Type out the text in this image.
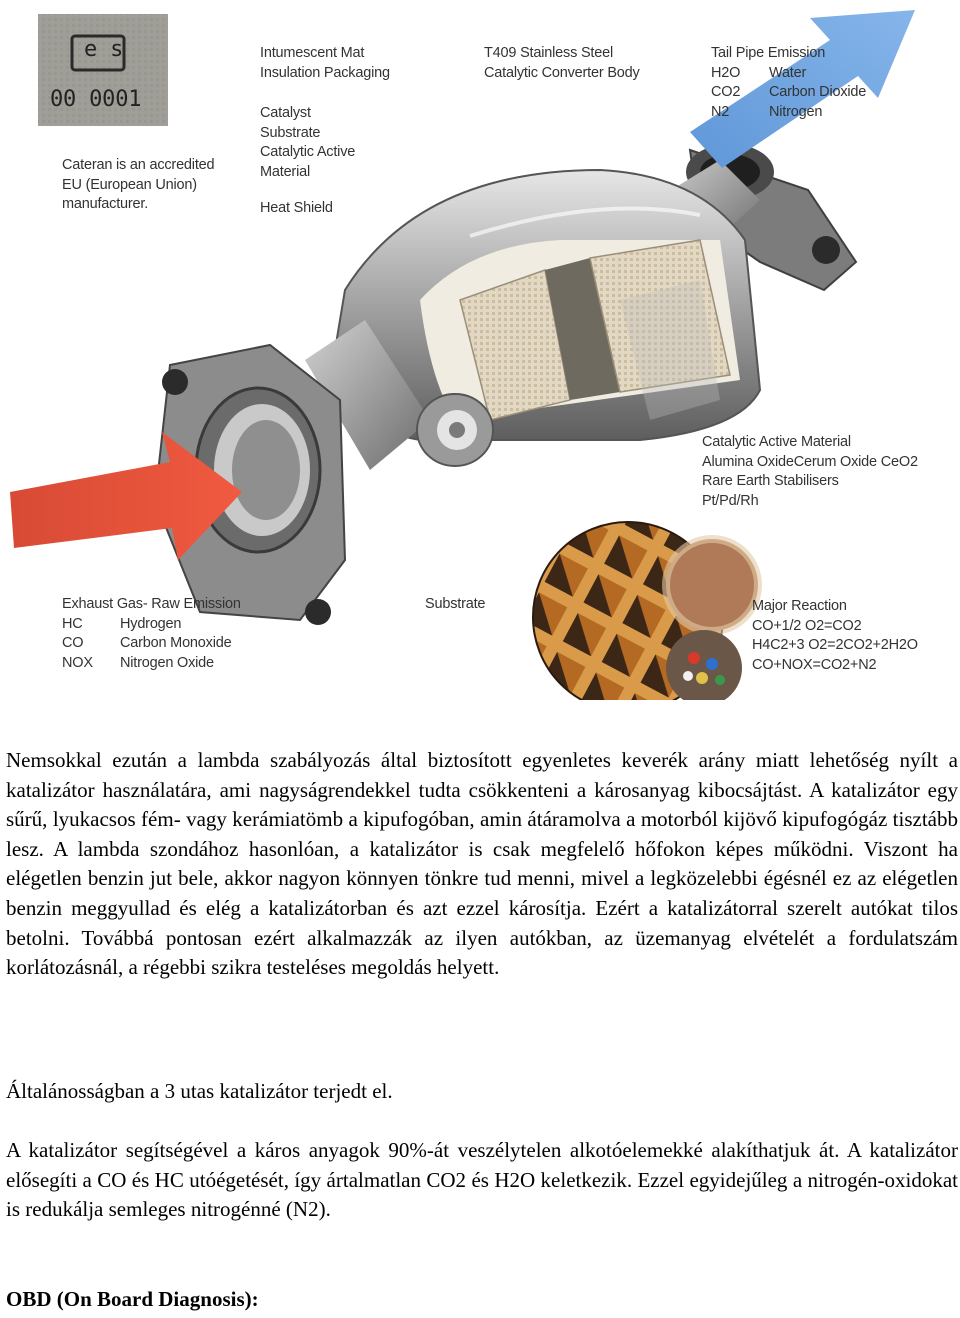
e s
00 0001
Cateran is an accredited
EU (European Union)
manufacturer.
Intumescent Mat
Insulation Packaging
Catalyst
Substrate
Catalytic Active
Material
Heat Shield
T409 Stainless Steel
Catalytic Converter Body
Tail Pipe Emission
H2O	Water
CO2	Carbon Dioxide
N2	Nitrogen
Catalytic Active Material
Alumina OxideCerum Oxide CeO2
Rare Earth Stabilisers
Pt/Pd/Rh
Exhaust Gas- Raw Emission
HC	Hydrogen
CO	Carbon Monoxide
NOX	Nitrogen Oxide
Substrate	Major Reaction
CO+1/2 O2=CO2
H4C2+3 O2=2CO2+2H2O
CO+NOX=CO2+N2

Nemsokkal ezután a lambda szabályozás által biztosított egyenletes keverék arány miatt lehetőség nyílt a katalizátor használatára, ami nagyságrendekkel tudta csökkenteni a károsanyag kibocsájtást. A katalizátor egy sűrű, lyukacsos fém- vagy kerámiatömb a kipufogóban, amin átáramolva a motorból kijövő kipufogógáz tisztább lesz. A lambda szondához hasonlóan, a katalizátor is csak megfelelő hőfokon képes működni. Viszont ha elégetlen benzin jut bele, akkor nagyon könnyen tönkre tud menni, mivel a legközelebbi égésnél ez az elégetlen benzin meggyullad és elég a katalizátorban és azt ezzel károsítja. Ezért a katalizátorral szerelt autókat tilos betolni. Továbbá pontosan ezért alkalmazzák az ilyen autókban, az üzemanyag elvételét a fordulatszám korlátozásnál, a régebbi szikra testeléses megoldás helyett.

Általánosságban a 3 utas katalizátor terjedt el.

A katalizátor segítségével a káros anyagok 90%-át veszélytelen alkotóelemekké alakíthatjuk át. A katalizátor elősegíti a CO és HC utóégetését, így ártalmatlan CO2 és H2O keletkezik. Ezzel egyidejűleg a nitrogén-oxidokat is redukálja semleges nitrogénné (N2).

OBD (On Board Diagnosis):
